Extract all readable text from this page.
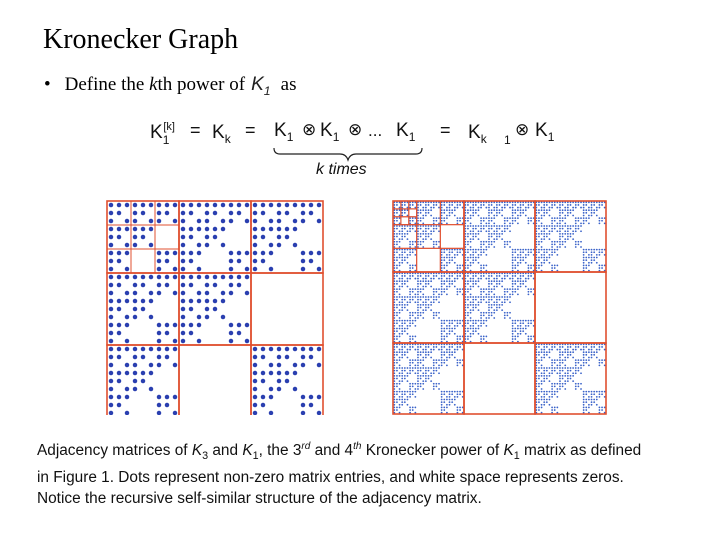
Kronecker Graph
• Define the kth power of $K_1$ as
$K_1[k] = K_k = K_1$ ⊗ $K_1$ ⊗ ... $K_1$
k times
= $K_k$ 1
⊗ $K_1$
Adjacency matrices of $K_3$ and $K_1$, the 3rd and 4th Kronecker power of $K_1$ matrix as defined
in Figure 1. Dots represent non-zero matrix entries, and white space represents zeros.
Notice the recursive self-similar structure of the adjacency matrix.
